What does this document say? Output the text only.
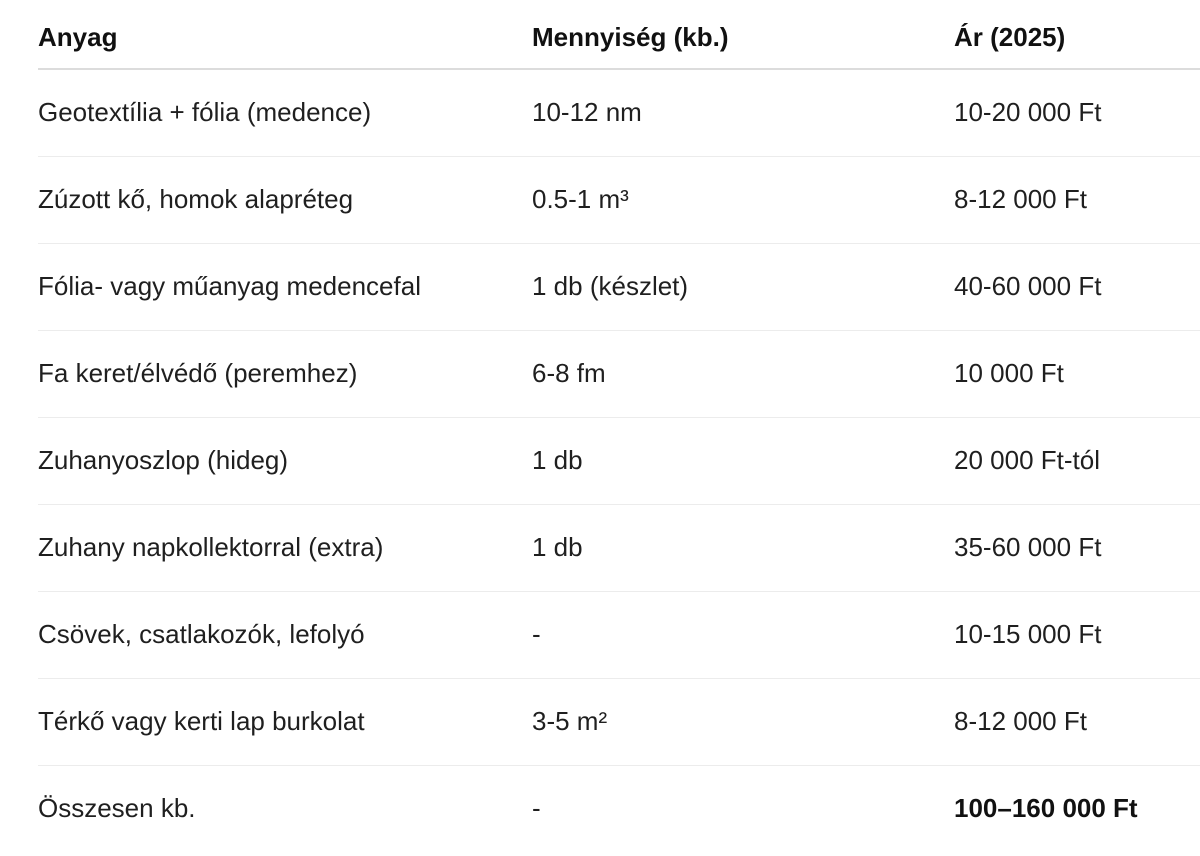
Anyag	Mennyiség (kb.)	Ár (2025)
Geotextília + fólia (medence)	10-12 nm	10-20 000 Ft
Zúzott kő, homok alapréteg	0.5-1 m³	8-12 000 Ft
Fólia- vagy műanyag medencefal	1 db (készlet)	40-60 000 Ft
Fa keret/élvédő (peremhez)	6-8 fm	10 000 Ft
Zuhanyoszlop (hideg)	1 db	20 000 Ft-tól
Zuhany napkollektorral (extra)	1 db	35-60 000 Ft
Csövek, csatlakozók, lefolyó	-	10-15 000 Ft
Térkő vagy kerti lap burkolat	3-5 m²	8-12 000 Ft
Összesen kb.	-	100–160 000 Ft
